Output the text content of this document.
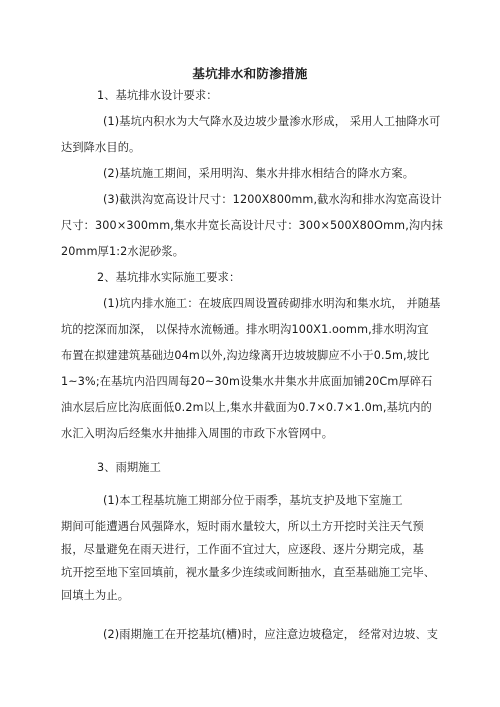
基坑排水和防渗措施
1、基坑排水设计要求：
(1)基坑内积水为大气降水及边坡少量渗水形成， 采用人工抽降水可
达到降水目的。
(2)基坑施工期间，采用明沟、集水井排水相结合的降水方案。
(3)截洪沟宽高设计尺寸：1200X800mm,截水沟和排水沟宽高设计
尺寸：300×300mm,集水井宽长高设计尺寸：300×500X80Omm,沟内抹
20mm厚1:2水泥砂浆。
2、基坑排水实际施工要求：
(1)坑内排水施工：在坡底四周设置砖砌排水明沟和集水坑， 并随基
坑的挖深而加深， 以保持水流畅通。排水明沟100X1.oomm,排水明沟宜
布置在拟建建筑基础边04m以外,沟边缘离开边坡坡脚应不小于0.5m,坡比
1~3%;在基坑内沿四周每20~30m设集水井集水井底面加铺20Cm厚碎石
油水层后应比沟底面低0.2m以上,集水井截面为0.7×0.7×1.0m,基坑内的
水汇入明沟后经集水井抽排入周围的市政下水管网中。
3、雨期施工
(1)本工程基坑施工期部分位于雨季，基坑支护及地下室施工
期间可能遭遇台风强降水，短时雨水量较大，所以土方开挖时关注天气预
报，尽量避免在雨天进行，工作面不宜过大，应逐段、逐片分期完成，基
坑开挖至地下室回填前，视水量多少连续或间断抽水，直至基础施工完毕、
回填土为止。
(2)雨期施工在开挖基坑(槽)时，应注意边坡稳定， 经常对边坡、支
